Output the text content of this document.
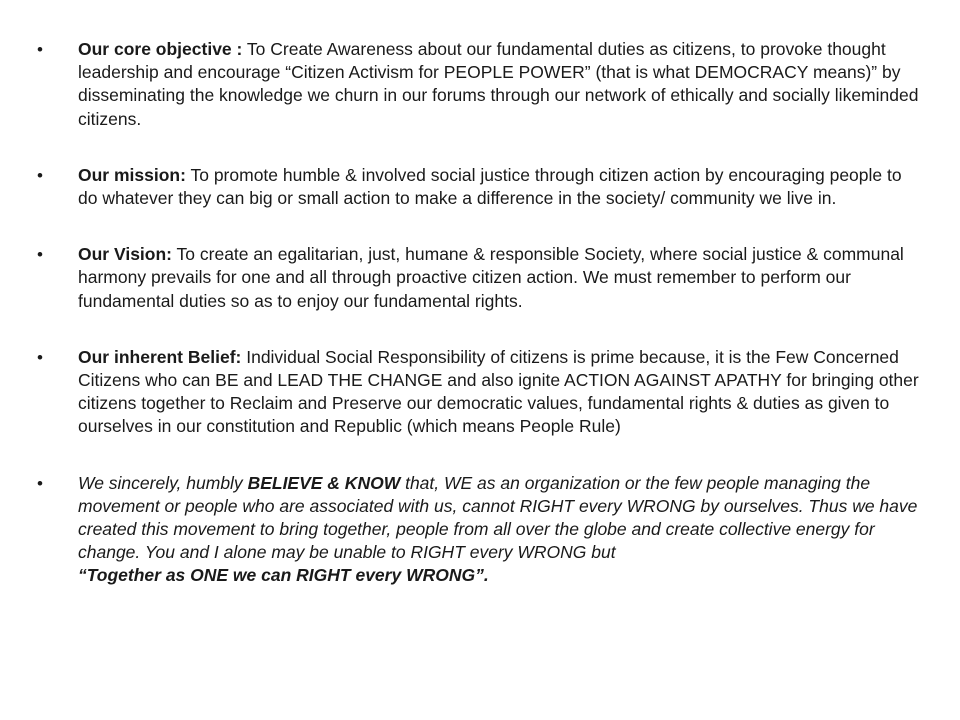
• Our core objective : To Create Awareness about our fundamental duties as citizens, to provoke thought leadership and encourage “Citizen Activism for PEOPLE POWER” (that is what DEMOCRACY means)” by disseminating the knowledge we churn in our forums through our network of ethically and socially likeminded citizens.
• Our mission: To promote humble & involved social justice through citizen action by encouraging people to do whatever they can big or small action to make a difference in the society/ community we live in.
• Our Vision: To create an egalitarian, just, humane & responsible Society, where social justice & communal harmony prevails for one and all through proactive citizen action. We must remember to perform our fundamental duties so as to enjoy our fundamental rights.
• Our inherent Belief: Individual Social Responsibility of citizens is prime because, it is the Few Concerned Citizens who can BE and LEAD THE CHANGE and also ignite ACTION AGAINST APATHY for bringing other citizens together to Reclaim and Preserve our democratic values, fundamental rights & duties as given to ourselves in our constitution and Republic (which means People Rule)
• We sincerely, humbly BELIEVE & KNOW that, WE as an organization or the few people managing the movement or people who are associated with us, cannot RIGHT every WRONG by ourselves. Thus we have created this movement to bring together, people from all over the globe and create collective energy for change. You and I alone may be unable to RIGHT every WRONG but
“Together as ONE we can RIGHT every WRONG”.
